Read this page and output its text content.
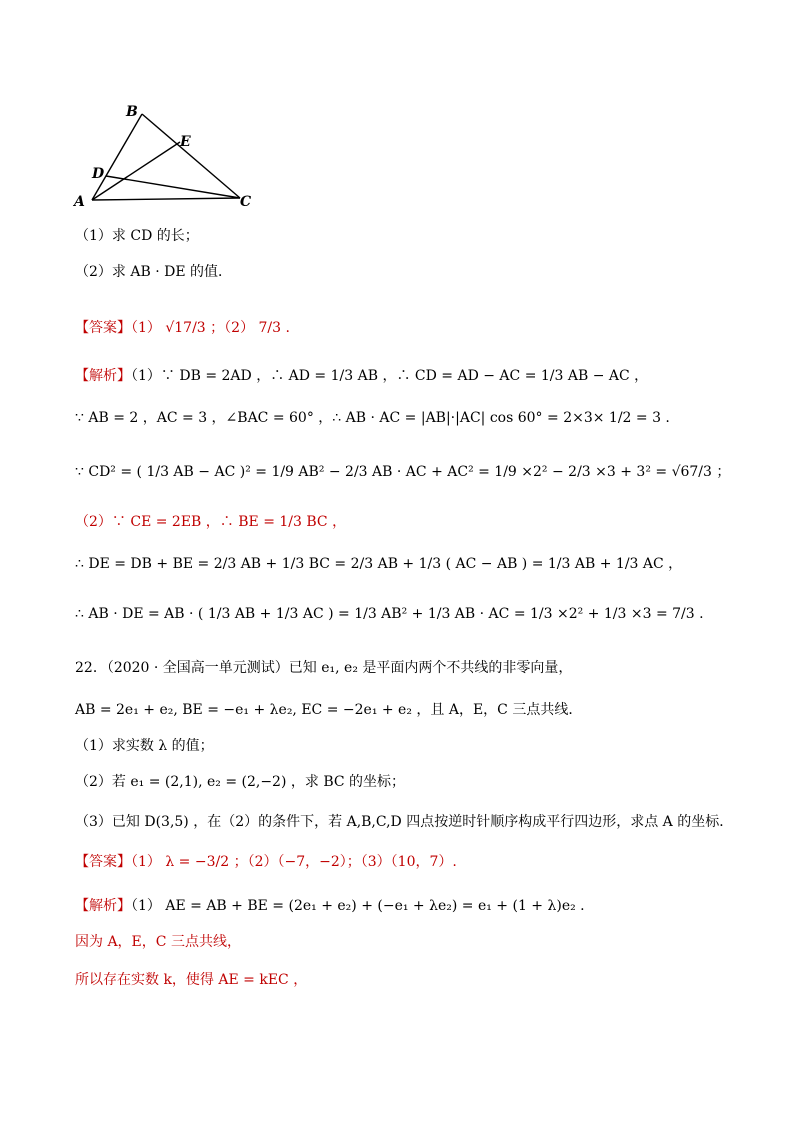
B
E
D
A	C
（1）求 CD 的长；
（2）求 AB · DE 的值．
【答案】（1） √17/3 ；（2） 7/3 .
【解析】（1）∵ DB = 2AD ，∴ AD = 1/3 AB ，∴ CD = AD − AC = 1/3 AB − AC ，
∵ AB = 2 ，AC = 3 ，∠BAC = 60° ，∴ AB · AC = |AB|·|AC| cos 60° = 2×3× 1/2 = 3 .
∵ CD² = ( 1/3 AB − AC )² = 1/9 AB² − 2/3 AB · AC + AC² = 1/9 ×2² − 2/3 ×3 + 3² = √67/3 ；
（2）∵ CE = 2EB ，∴ BE = 1/3 BC ，
∴ DE = DB + BE = 2/3 AB + 1/3 BC = 2/3 AB + 1/3 ( AC − AB ) = 1/3 AB + 1/3 AC ，
∴ AB · DE = AB · ( 1/3 AB + 1/3 AC ) = 1/3 AB² + 1/3 AB · AC = 1/3 ×2² + 1/3 ×3 = 7/3 .
22．（2020 · 全国高一单元测试）已知 e₁, e₂ 是平面内两个不共线的非零向量，
AB = 2e₁ + e₂, BE = −e₁ + λe₂, EC = −2e₁ + e₂ ，且 A，E，C 三点共线．
（1）求实数 λ 的值；
（2）若 e₁ = (2,1), e₂ = (2,−2) ，求 BC 的坐标；
（3）已知 D(3,5) ，在（2）的条件下，若 A,B,C,D 四点按逆时针顺序构成平行四边形，求点 A 的坐标．
【答案】（1） λ = −3/2 ；（2）（−7，−2）；（3）（10，7）.
【解析】（1） AE = AB + BE = (2e₁ + e₂) + (−e₁ + λe₂) = e₁ + (1 + λ)e₂ .
因为 A，E，C 三点共线，
所以存在实数 k，使得 AE = kEC ，
